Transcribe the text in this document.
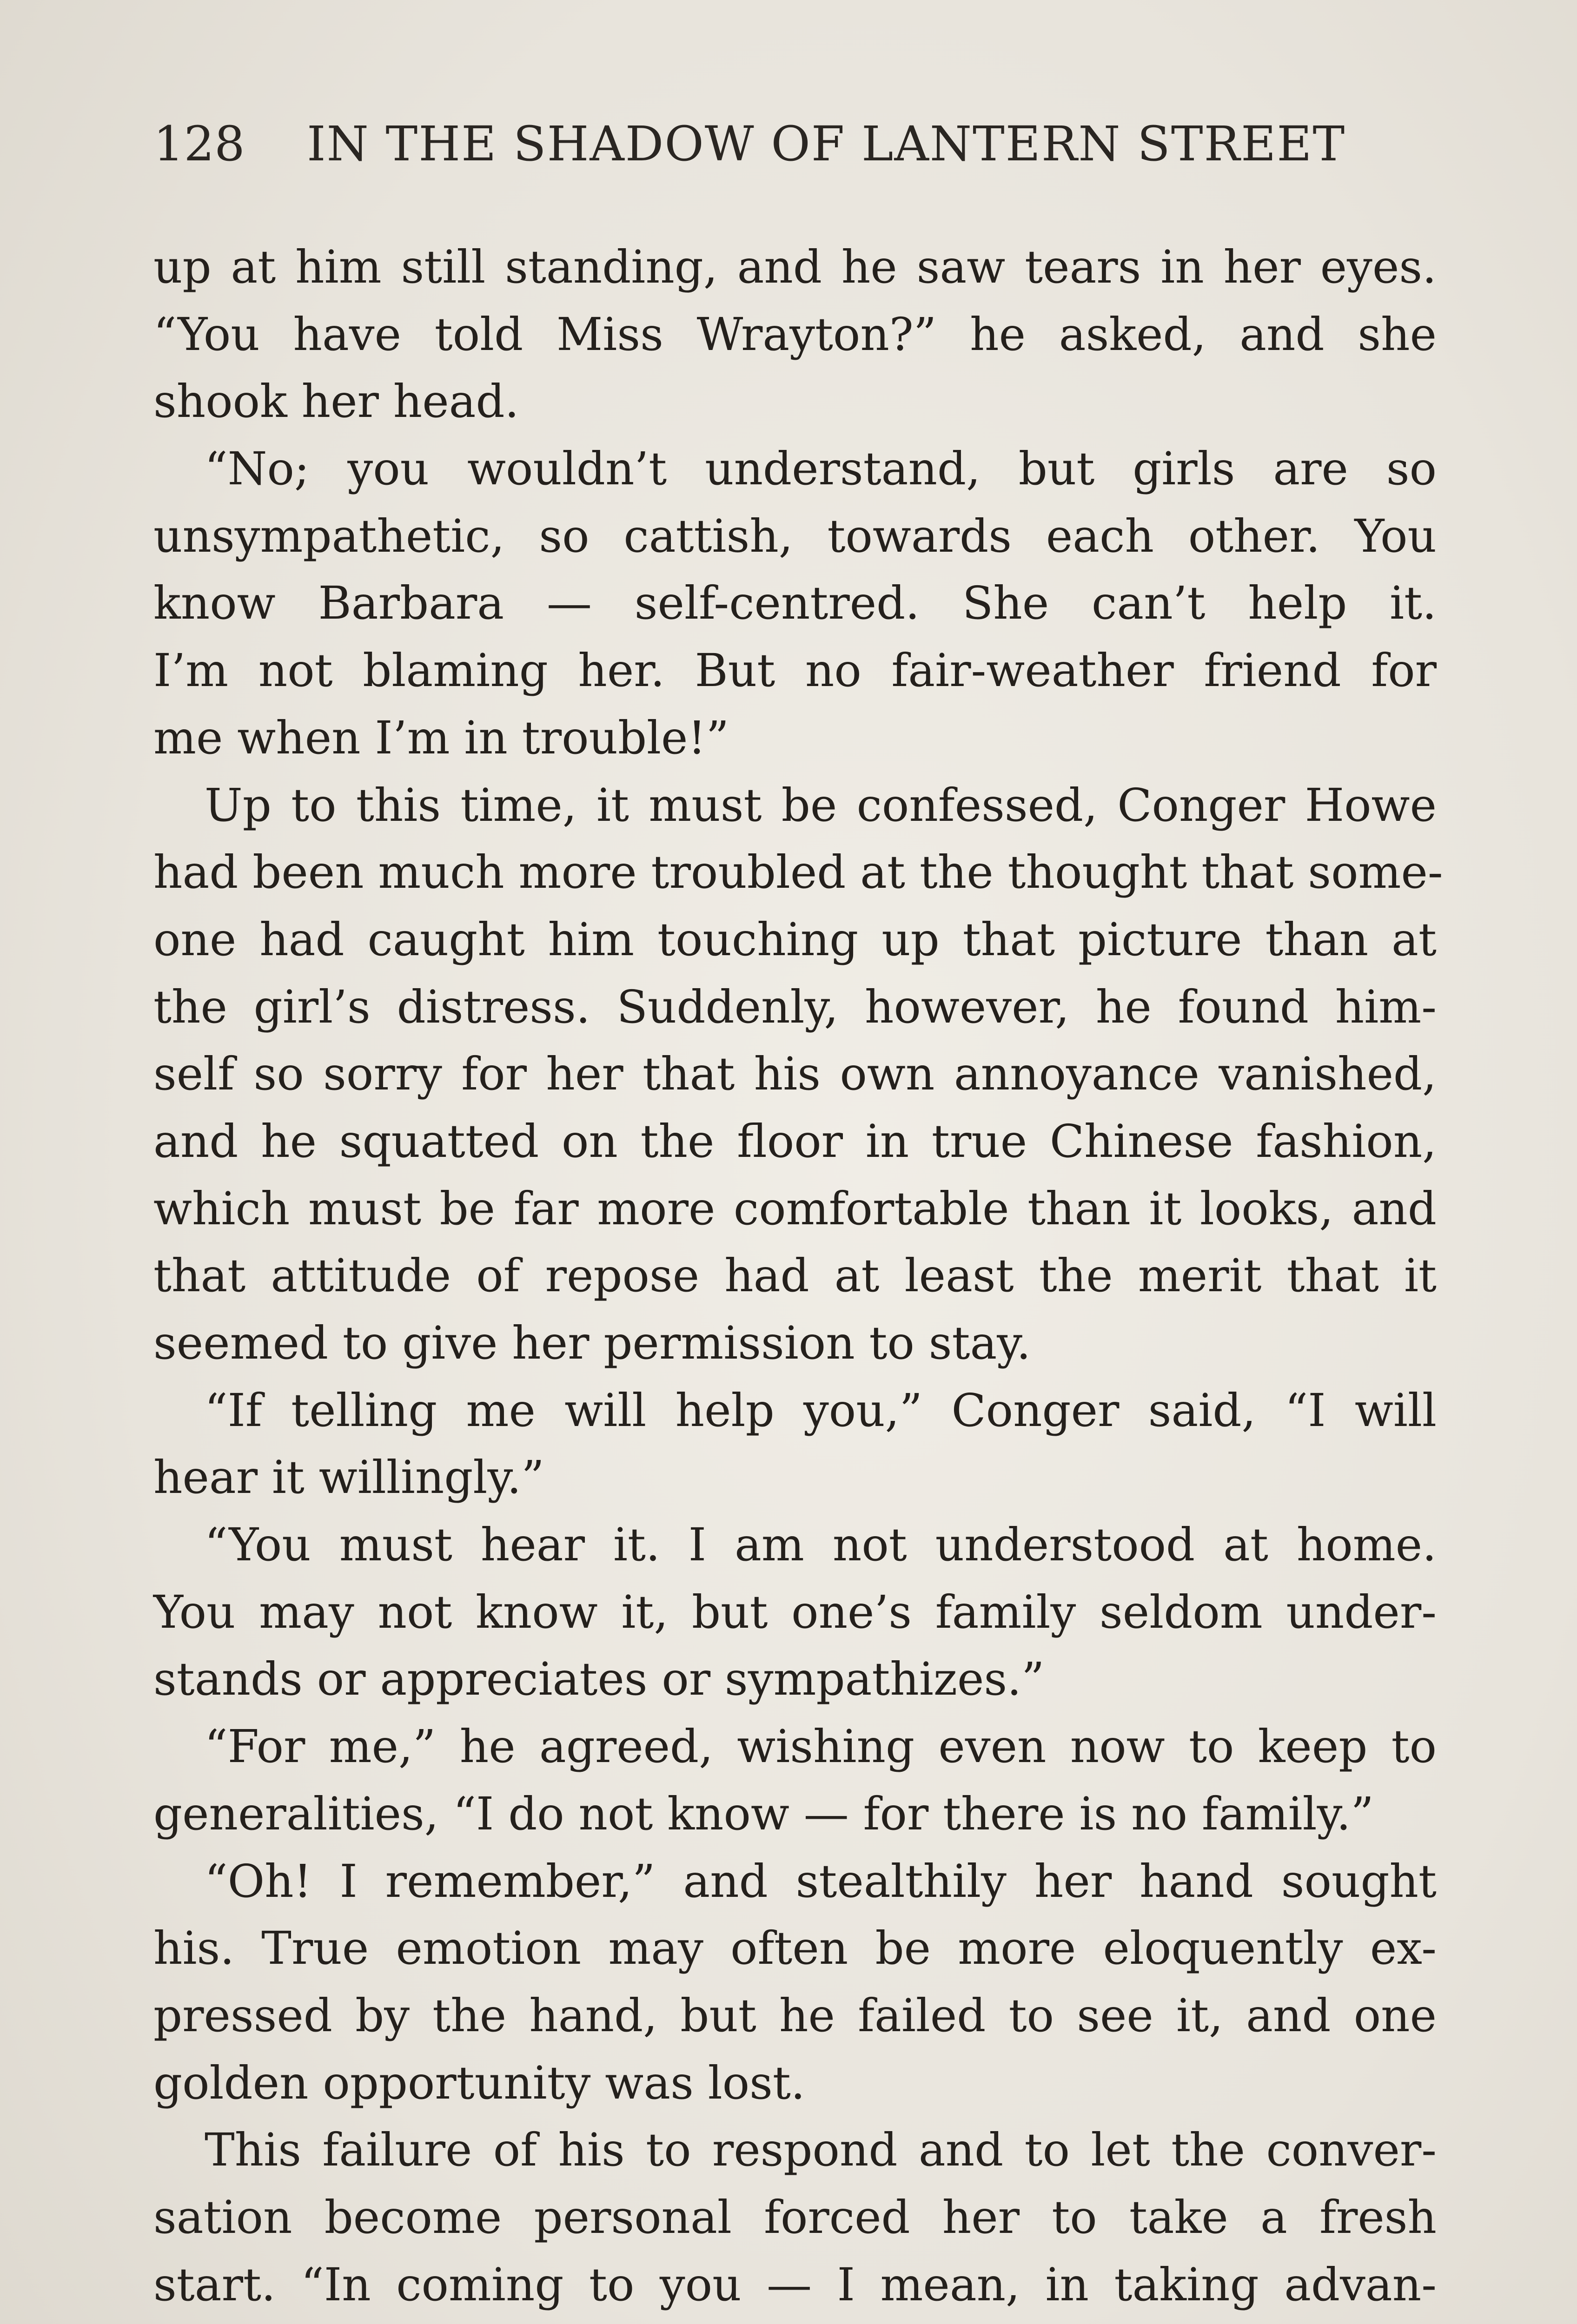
128 IN THE SHADOW OF LANTERN STREET
up at him still standing, and he saw tears in her eyes.
“You have told Miss Wrayton?” he asked, and she
shook her head.
“No; you wouldn’t understand, but girls are so
unsympathetic, so cattish, towards each other. You
know Barbara — self-centred. She can’t help it.
I’m not blaming her. But no fair-weather friend for
me when I’m in trouble!”
Up to this time, it must be confessed, Conger Howe
had been much more troubled at the thought that some-
one had caught him touching up that picture than at
the girl’s distress. Suddenly, however, he found him-
self so sorry for her that his own annoyance vanished,
and he squatted on the floor in true Chinese fashion,
which must be far more comfortable than it looks, and
that attitude of repose had at least the merit that it
seemed to give her permission to stay.
“If telling me will help you,” Conger said, “I will
hear it willingly.”
“You must hear it. I am not understood at home.
You may not know it, but one’s family seldom under-
stands or appreciates or sympathizes.”
“For me,” he agreed, wishing even now to keep to
generalities, “I do not know — for there is no family.”
“Oh! I remember,” and stealthily her hand sought
his. True emotion may often be more eloquently ex-
pressed by the hand, but he failed to see it, and one
golden opportunity was lost.
This failure of his to respond and to let the conver-
sation become personal forced her to take a fresh
start. “In coming to you — I mean, in taking advan-
